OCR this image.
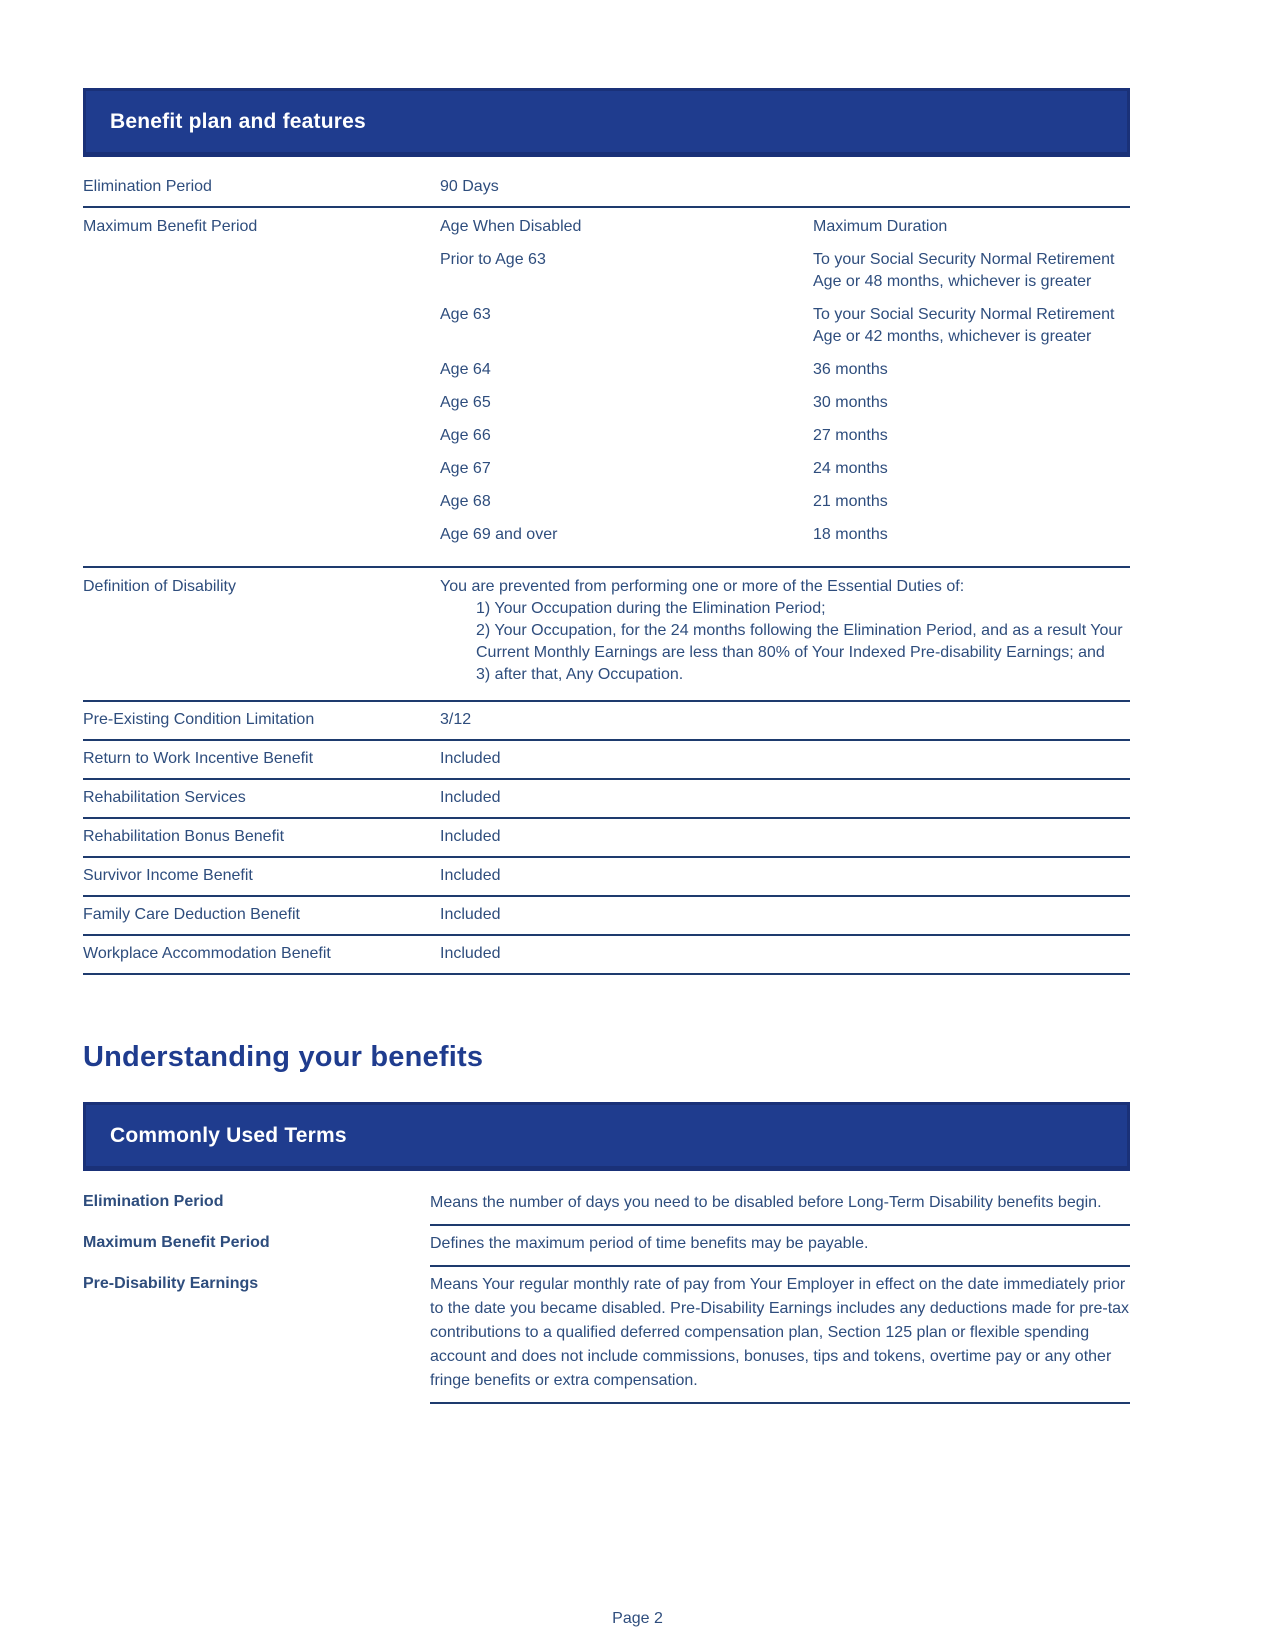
Benefit plan and features
Elimination Period	90 Days
Maximum Benefit Period	Age When Disabled	Maximum Duration
Prior to Age 63	To your Social Security Normal Retirement Age or 48 months, whichever is greater
Age 63	To your Social Security Normal Retirement Age or 42 months, whichever is greater
Age 64	36 months
Age 65	30 months
Age 66	27 months
Age 67	24 months
Age 68	21 months
Age 69 and over	18 months
Definition of Disability	You are prevented from performing one or more of the Essential Duties of:
1) Your Occupation during the Elimination Period;
2) Your Occupation, for the 24 months following the Elimination Period, and as a result Your Current Monthly Earnings are less than 80% of Your Indexed Pre-disability Earnings; and
3) after that, Any Occupation.
Pre-Existing Condition Limitation	3/12
Return to Work Incentive Benefit	Included
Rehabilitation Services	Included
Rehabilitation Bonus Benefit	Included
Survivor Income Benefit	Included
Family Care Deduction Benefit	Included
Workplace Accommodation Benefit	Included
Understanding your benefits
Commonly Used Terms
Elimination Period	Means the number of days you need to be disabled before Long-Term Disability benefits begin.
Maximum Benefit Period	Defines the maximum period of time benefits may be payable.
Pre-Disability Earnings	Means Your regular monthly rate of pay from Your Employer in effect on the date immediately prior to the date you became disabled. Pre-Disability Earnings includes any deductions made for pre-tax contributions to a qualified deferred compensation plan, Section 125 plan or flexible spending account and does not include commissions, bonuses, tips and tokens, overtime pay or any other fringe benefits or extra compensation.
Page 2
